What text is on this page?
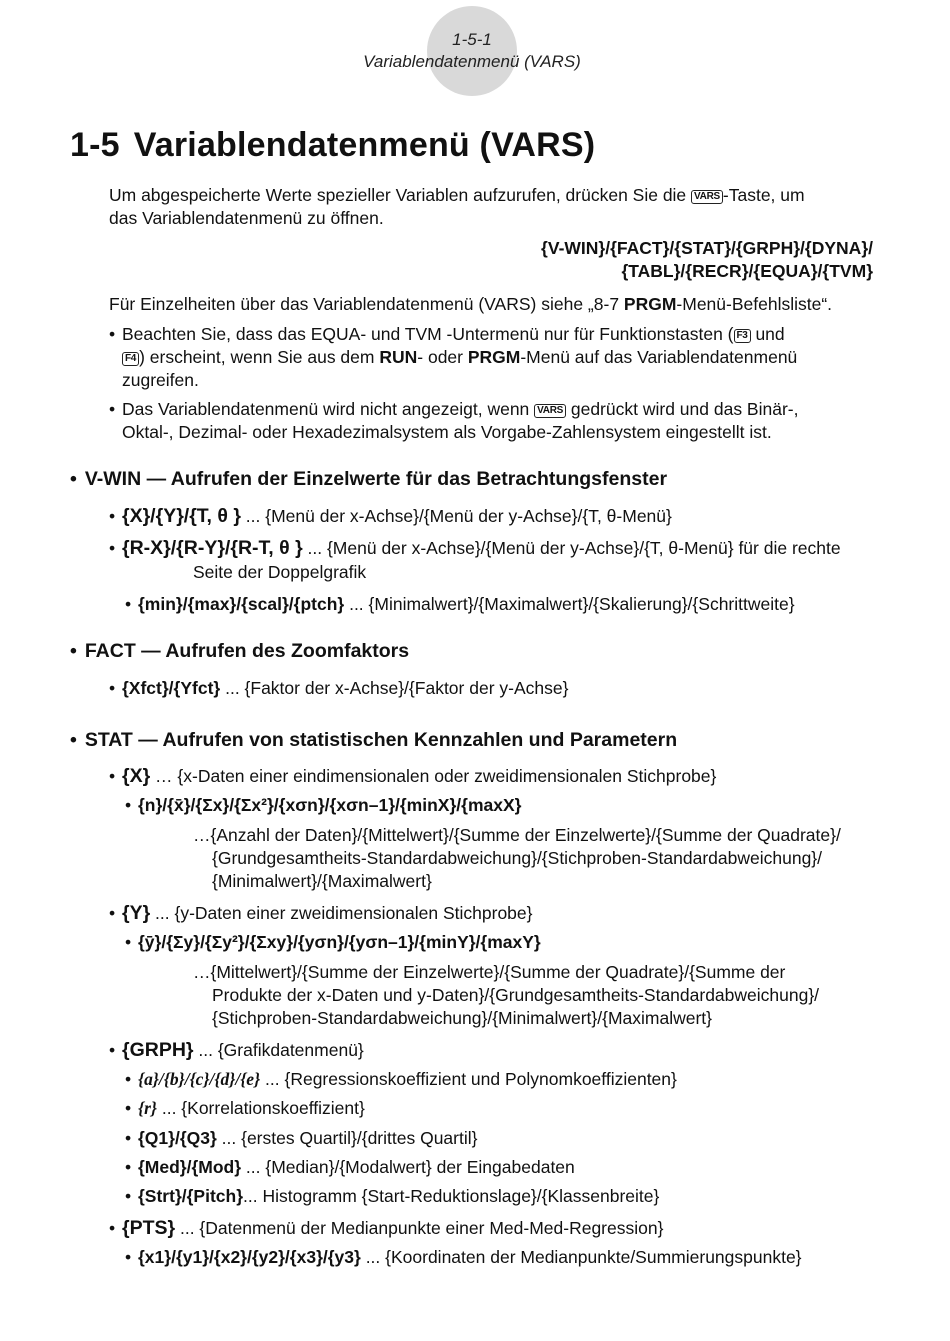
1-5-1
Variablendatenmenü (VARS)
1-5 Variablendatenmenü (VARS)

Um abgespeicherte Werte spezieller Variablen aufzurufen, drücken Sie die VARS -Taste, um
das Variablendatenmenü zu öffnen.

{V-WIN}/{FACT}/{STAT}/{GRPH}/{DYNA}/
{TABL}/{RECR}/{EQUA}/{TVM}

Für Einzelheiten über das Variablendatenmenü (VARS) siehe „8-7 PRGM-Menü-Befehlsliste“.

• Beachten Sie, dass das EQUA- und TVM -Untermenü nur für Funktionstasten ( F3 und
F4 ) erscheint, wenn Sie aus dem RUN- oder PRGM-Menü auf das Variablendatenmenü
zugreifen.
• Das Variablendatenmenü wird nicht angezeigt, wenn VARS gedrückt wird und das Binär-,
Oktal-, Dezimal- oder Hexadezimalsystem als Vorgabe-Zahlensystem eingestellt ist.
• V-WIN — Aufrufen der Einzelwerte für das Betrachtungsfenster
• {X}/{Y}/{T, θ } ... {Menü der x-Achse}/{Menü der y-Achse}/{T, θ-Menü}
• {R-X}/{R-Y}/{R-T, θ } ... {Menü der x-Achse}/{Menü der y-Achse}/{T, θ-Menü} für die rechte
Seite der Doppelgrafik
• {min}/{max}/{scal}/{ptch} ... {Minimalwert}/{Maximalwert}/{Skalierung}/{Schrittweite}
• FACT — Aufrufen des Zoomfaktors
• {Xfct}/{Yfct} ... {Faktor der x-Achse}/{Faktor der y-Achse}
• STAT — Aufrufen von statistischen Kennzahlen und Parametern
• {X} … {x-Daten einer eindimensionalen oder zweidimensionalen Stichprobe}
• {n}/{x̄}/{Σx}/{Σx²}/{xσn}/{xσn–1}/{minX}/{maxX}
…{Anzahl der Daten}/{Mittelwert}/{Summe der Einzelwerte}/{Summe der Quadrate}/
{Grundgesamtheits-Standardabweichung}/{Stichproben-Standardabweichung}/
{Minimalwert}/{Maximalwert}
• {Y} ... {y-Daten einer zweidimensionalen Stichprobe}
• {ȳ}/{Σy}/{Σy²}/{Σxy}/{yσn}/{yσn–1}/{minY}/{maxY}
…{Mittelwert}/{Summe der Einzelwerte}/{Summe der Quadrate}/{Summe der
Produkte der x-Daten und y-Daten}/{Grundgesamtheits-Standardabweichung}/
{Stichproben-Standardabweichung}/{Minimalwert}/{Maximalwert}
• {GRPH} ... {Grafikdatenmenü}
• {a}/{b}/{c}/{d}/{e} ... {Regressionskoeffizient und Polynomkoeffizienten}
• {r} ... {Korrelationskoeffizient}
• {Q1}/{Q3} ... {erstes Quartil}/{drittes Quartil}
• {Med}/{Mod} ... {Median}/{Modalwert} der Eingabedaten
• {Strt}/{Pitch}... Histogramm {Start-Reduktionslage}/{Klassenbreite}
• {PTS} ... {Datenmenü der Medianpunkte einer Med-Med-Regression}
• {x1}/{y1}/{x2}/{y2}/{x3}/{y3} ... {Koordinaten der Medianpunkte/Summierungspunkte}
